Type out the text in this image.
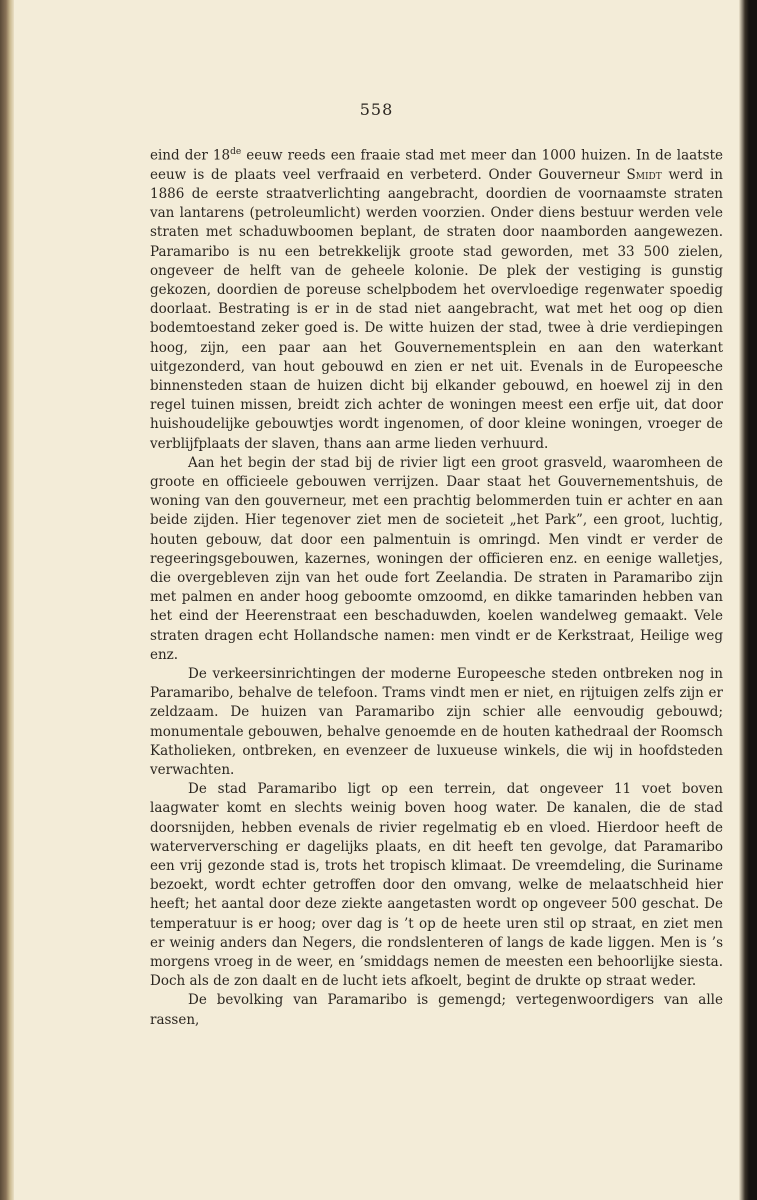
558

eind der 18de eeuw reeds een fraaie stad met meer dan 1000 huizen. In de laatste eeuw is de plaats veel verfraaid en verbeterd. Onder Gouverneur Smidt werd in 1886 de eerste straatverlichting aangebracht, doordien de voornaamste straten van lantarens (petroleumlicht) werden voorzien. Onder diens bestuur werden vele straten met schaduwboomen beplant, de straten door naamborden aangewezen. Paramaribo is nu een betrekkelijk groote stad geworden, met 33 500 zielen, ongeveer de helft van de geheele kolonie. De plek der vestiging is gunstig gekozen, doordien de poreuse schelpbodem het overvloedige regenwater spoedig doorlaat. Bestrating is er in de stad niet aangebracht, wat met het oog op dien bodemtoestand zeker goed is. De witte huizen der stad, twee à drie verdiepingen hoog, zijn, een paar aan het Gouvernementsplein en aan den waterkant uitgezonderd, van hout gebouwd en zien er net uit. Evenals in de Europeesche binnensteden staan de huizen dicht bij elkander gebouwd, en hoewel zij in den regel tuinen missen, breidt zich achter de woningen meest een erfje uit, dat door huishoudelijke gebouwtjes wordt ingenomen, of door kleine woningen, vroeger de verblijfplaats der slaven, thans aan arme lieden verhuurd.

Aan het begin der stad bij de rivier ligt een groot grasveld, waaromheen de groote en officieele gebouwen verrijzen. Daar staat het Gouvernementshuis, de woning van den gouverneur, met een prachtig belommerden tuin er achter en aan beide zijden. Hier tegenover ziet men de societeit „het Park”, een groot, luchtig, houten gebouw, dat door een palmentuin is omringd. Men vindt er verder de regeeringsgebouwen, kazernes, woningen der officieren enz. en eenige walletjes, die overgebleven zijn van het oude fort Zeelandia. De straten in Paramaribo zijn met palmen en ander hoog geboomte omzoomd, en dikke tamarinden hebben van het eind der Heerenstraat een beschaduwden, koelen wandelweg gemaakt. Vele straten dragen echt Hollandsche namen: men vindt er de Kerkstraat, Heilige weg enz.

De verkeersinrichtingen der moderne Europeesche steden ontbreken nog in Paramaribo, behalve de telefoon. Trams vindt men er niet, en rijtuigen zelfs zijn er zeldzaam. De huizen van Paramaribo zijn schier alle eenvoudig gebouwd; monumentale gebouwen, behalve genoemde en de houten kathedraal der Roomsch Katholieken, ontbreken, en evenzeer de luxueuse winkels, die wij in hoofdsteden verwachten.

De stad Paramaribo ligt op een terrein, dat ongeveer 11 voet boven laagwater komt en slechts weinig boven hoog water. De kanalen, die de stad doorsnijden, hebben evenals de rivier regelmatig eb en vloed. Hierdoor heeft de waterverversching er dagelijks plaats, en dit heeft ten gevolge, dat Paramaribo een vrij gezonde stad is, trots het tropisch klimaat. De vreemdeling, die Suriname bezoekt, wordt echter getroffen door den omvang, welke de melaatschheid hier heeft; het aantal door deze ziekte aangetasten wordt op ongeveer 500 geschat. De temperatuur is er hoog; over dag is ’t op de heete uren stil op straat, en ziet men er weinig anders dan Negers, die rondslenteren of langs de kade liggen. Men is ’s morgens vroeg in de weer, en ’smiddags nemen de meesten een behoorlijke siesta. Doch als de zon daalt en de lucht iets afkoelt, begint de drukte op straat weder.

De bevolking van Paramaribo is gemengd; vertegenwoordigers van alle rassen,
